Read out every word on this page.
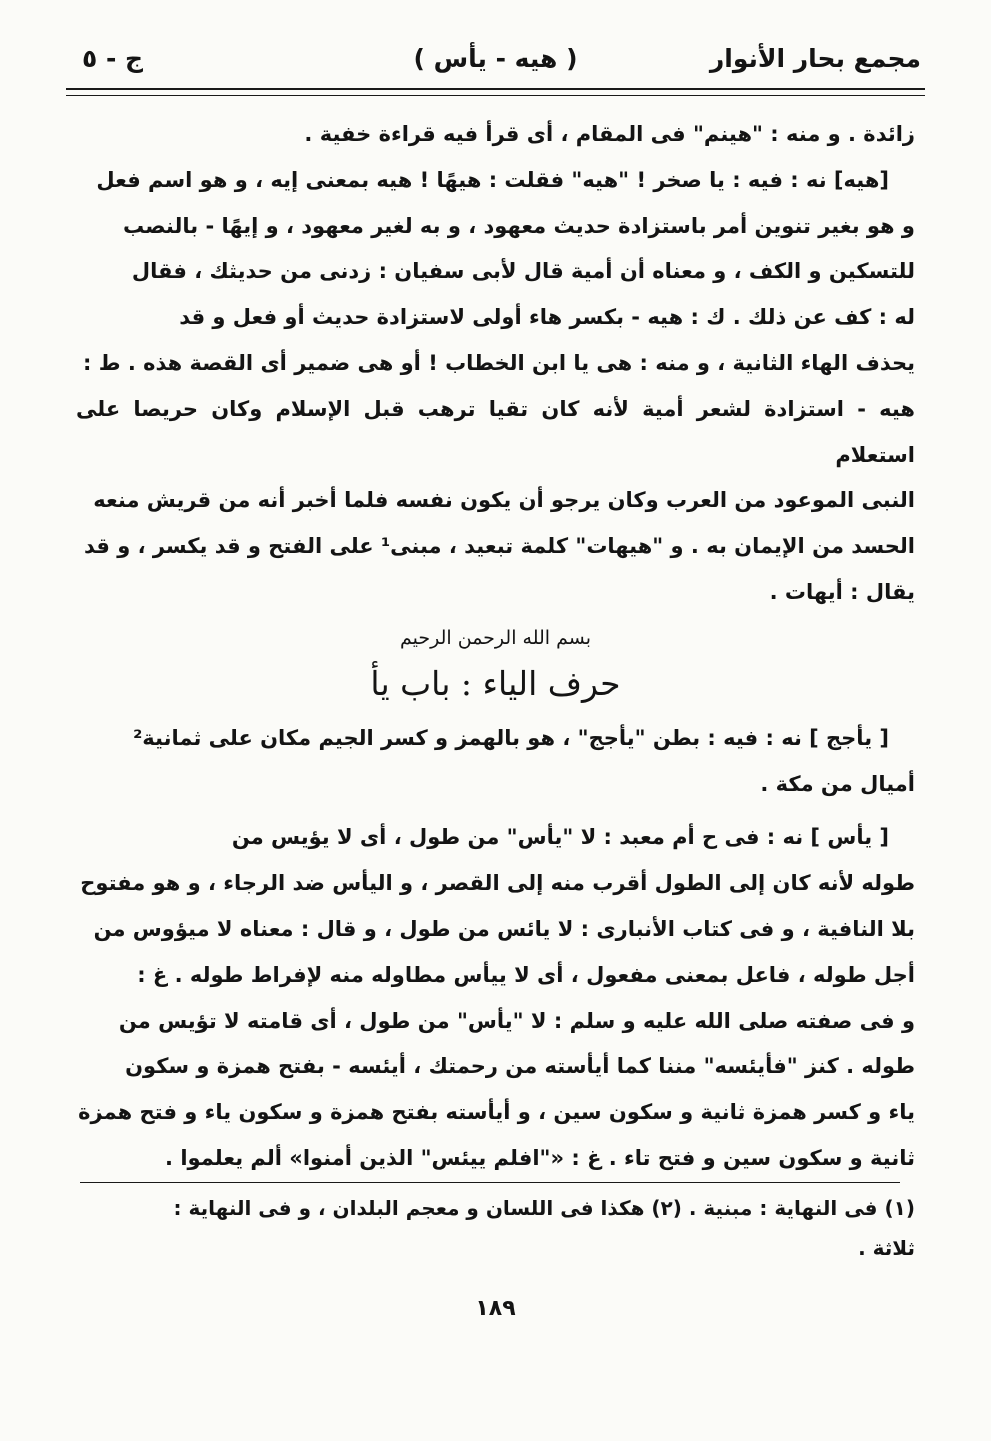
مجمع بحار الأنوار
( هيه - يأس )
ج - ٥

زائدة . و منه : "هينم" فى المقام ، أى قرأ فيه قراءة خفية .

[هيه] نه : فيه : يا صخر ! "هيه" فقلت : هيهًا ! هيه بمعنى إيه ، و هو اسم فعل

و هو بغير تنوين أمر باستزادة حديث معهود ، و به لغير معهود ، و إيهًا - بالنصب

للتسكين و الكف ، و معناه أن أمية قال لأبى سفيان : زدنى من حديثك ، فقال

له : كف عن ذلك . ك : هيه - بكسر هاء أولى لاستزادة حديث أو فعل و قد

يحذف الهاء الثانية ، و منه : هى يا ابن الخطاب ! أو هى ضمير أى القصة هذه . ط :

هيه - استزادة لشعر أمية لأنه كان تقيا ترهب قبل الإسلام وكان حريصا على استعلام

النبى الموعود من العرب وكان يرجو أن يكون نفسه فلما أخبر أنه من قريش منعه

الحسد من الإيمان به . و "هيهات" كلمة تبعيد ، مبنى¹ على الفتح و قد يكسر ، و قد

يقال : أيهات .

بسم الله الرحمن الرحيم

حرف الياء : باب يأ

[ يأجج ] نه : فيه : بطن "يأجج" ، هو بالهمز و كسر الجيم مكان على ثمانية²

أميال من مكة .

[ يأس ] نه : فى ح أم معبد : لا "يأس" من طول ، أى لا يؤيس من

طوله لأنه كان إلى الطول أقرب منه إلى القصر ، و اليأس ضد الرجاء ، و هو مفتوح

بلا النافية ، و فى كتاب الأنبارى : لا يائس من طول ، و قال : معناه لا ميؤوس من

أجل طوله ، فاعل بمعنى مفعول ، أى لا ييأس مطاوله منه لإفراط طوله . غ :

و فى صفته صلى الله عليه و سلم : لا "يأس" من طول ، أى قامته لا تؤيس من

طوله . كنز "فأيئسه" مننا كما أيأسته من رحمتك ، أيئسه - بفتح همزة و سكون

ياء و كسر همزة ثانية و سكون سين ، و أيأسته بفتح همزة و سكون ياء و فتح همزة

ثانية و سكون سين و فتح تاء . غ : «"افلم ييئس" الذين أمنوا» ألم يعلموا .

(١) فى النهاية : مبنية . (٢) هكذا فى اللسان و معجم البلدان ، و فى النهاية :
ثلاثة .
١٨٩
